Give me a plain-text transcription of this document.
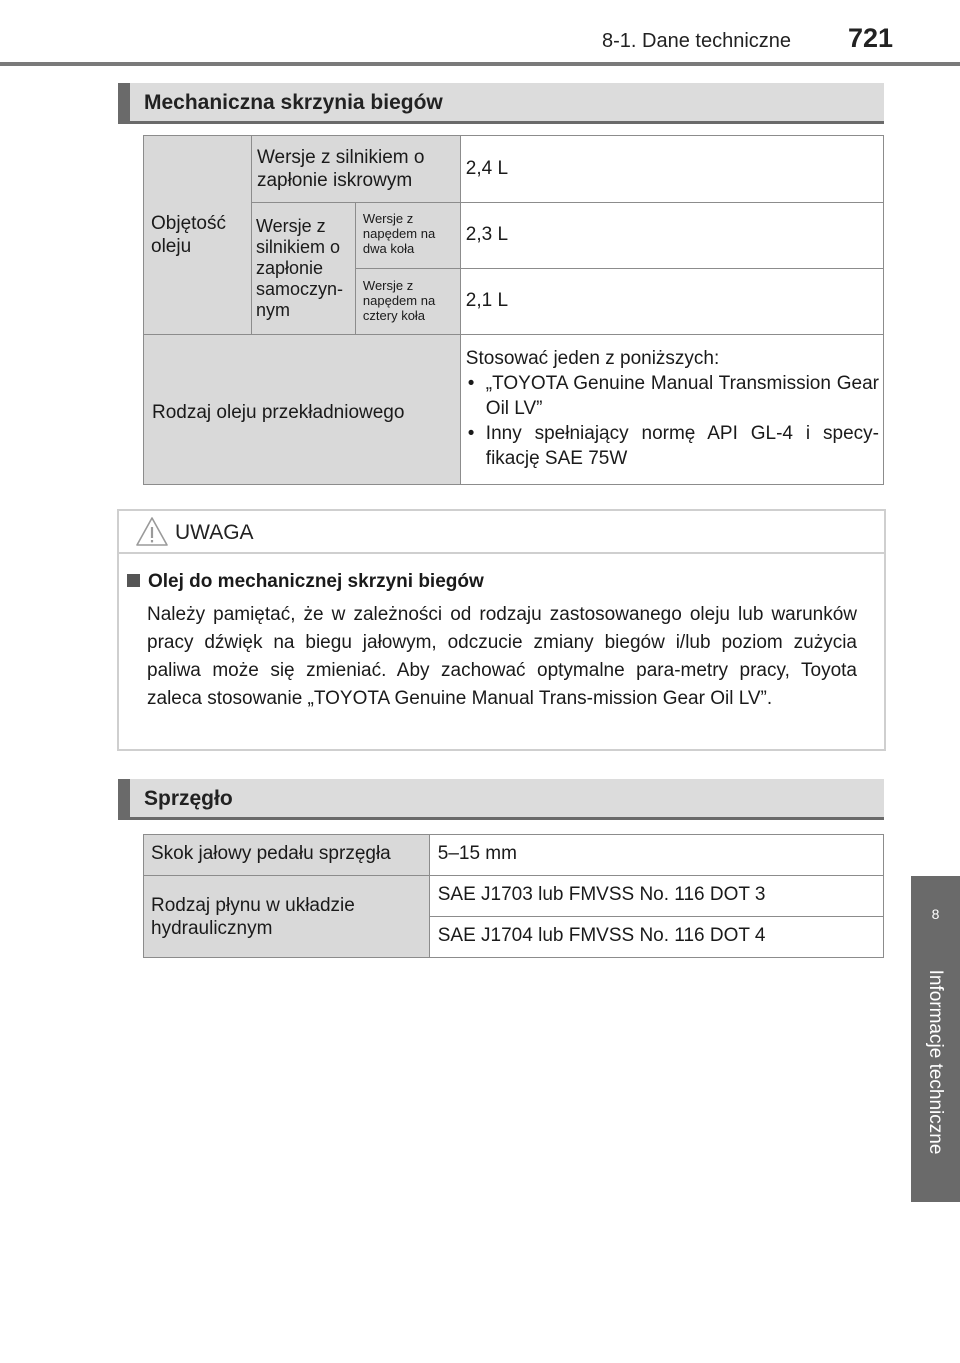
8-1. Dane techniczne 721
8
Informacje techniczne
Mechaniczna skrzynia biegów
Objętość oleju	Wersje z silnikiem o zapłonie iskrowym		2,4 L

	Wersje z silnikiem o zapłonie samoczyn-nym	Wersje z napędem na dwa koła	2,3 L

		Wersje z napędem na cztery koła	2,1 L

Rodzaj oleju przekładniowego			Stosować jeden z poniższych:
• „TOYOTA Genuine Manual Transmission Gear Oil LV”
• Inny spełniający normę API GL-4 i specy-fikację SAE 75W
UWAGA
Olej do mechanicznej skrzyni biegów
Należy pamiętać, że w zależności od rodzaju zastosowanego oleju lub warunków pracy dźwięk na biegu jałowym, odczucie zmiany biegów i/lub poziom zużycia paliwa może się zmieniać. Aby zachować optymalne para-metry pracy, Toyota zaleca stosowanie „TOYOTA Genuine Manual Trans-mission Gear Oil LV”.
Sprzęgło
Skok jałowy pedału sprzęgła	5–15 mm

Rodzaj płynu w układzie hydraulicznym	SAE J1703 lub FMVSS No. 116 DOT 3

	SAE J1704 lub FMVSS No. 116 DOT 4
